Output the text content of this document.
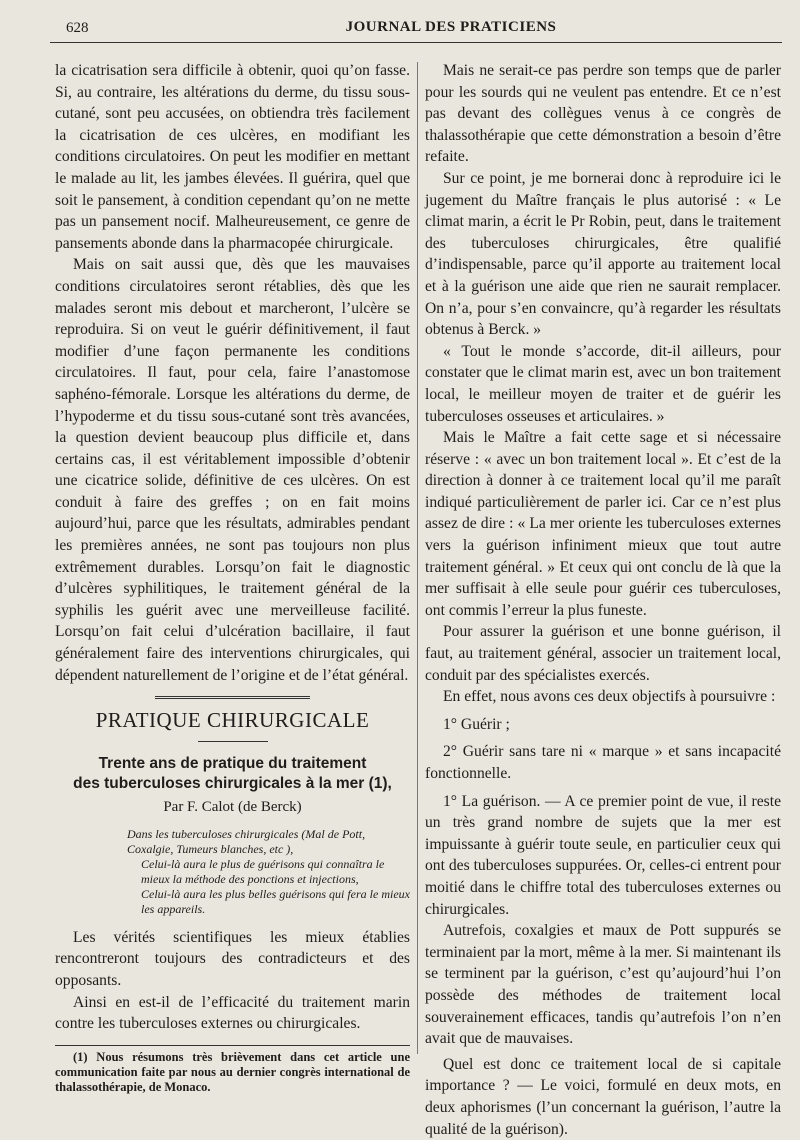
628	JOURNAL DES PRATICIENS

la cicatrisation sera difficile à obtenir, quoi qu’on fasse. Si, au contraire, les altérations du derme, du tissu sous-cutané, sont peu accusées, on obtiendra très facilement la cicatrisation de ces ulcères, en modifiant les conditions circulatoires. On peut les modifier en mettant le malade au lit, les jambes élevées. Il guérira, quel que soit le pansement, à condition cependant qu’on ne mette pas un pansement nocif. Malheureusement, ce genre de pansements abonde dans la pharmacopée chirurgicale.

Mais on sait aussi que, dès que les mauvaises conditions circulatoires seront rétablies, dès que les malades seront mis debout et marcheront, l’ulcère se reproduira. Si on veut le guérir définitivement, il faut modifier d’une façon permanente les conditions circulatoires. Il faut, pour cela, faire l’anastomose saphéno-fémorale. Lorsque les altérations du derme, de l’hypoderme et du tissu sous-cutané sont très avancées, la question devient beaucoup plus difficile et, dans certains cas, il est véritablement impossible d’obtenir une cicatrice solide, définitive de ces ulcères. On est conduit à faire des greffes ; on en fait moins aujourd’hui, parce que les résultats, admirables pendant les premières années, ne sont pas toujours non plus extrêmement durables. Lorsqu’on fait le diagnostic d’ulcères syphilitiques, le traitement général de la syphilis les guérit avec une merveilleuse facilité. Lorsqu’on fait celui d’ulcération bacillaire, il faut généralement faire des interventions chirurgicales, qui dépendent naturellement de l’origine et de l’état général.

PRATIQUE CHIRURGICALE
Trente ans de pratique du traitement
des tuberculoses chirurgicales à la mer (1),
Par F. Calot (de Berck)
Dans les tuberculoses chirurgicales (Mal de Pott, Coxalgie, Tumeurs blanches, etc ),
Celui-là aura le plus de guérisons qui connaîtra le mieux la méthode des ponctions et injections,
Celui-là aura les plus belles guérisons qui fera le mieux les appareils.

Les vérités scientifiques les mieux établies rencontreront toujours des contradicteurs et des opposants.

Ainsi en est-il de l’efficacité du traitement marin contre les tuberculoses externes ou chirurgicales.

(1) Nous résumons très brièvement dans cet article une communication faite par nous au dernier congrès international de thalassothérapie, de Monaco.

Mais ne serait-ce pas perdre son temps que de parler pour les sourds qui ne veulent pas entendre. Et ce n’est pas devant des collègues venus à ce congrès de thalassothérapie que cette démonstration a besoin d’être refaite.

Sur ce point, je me bornerai donc à reproduire ici le jugement du Maître français le plus autorisé : « Le climat marin, a écrit le Pr Robin, peut, dans le traitement des tuberculoses chirurgicales, être qualifié d’indispensable, parce qu’il apporte au traitement local et à la guérison une aide que rien ne saurait remplacer. On n’a, pour s’en convaincre, qu’à regarder les résultats obtenus à Berck. »

« Tout le monde s’accorde, dit-il ailleurs, pour constater que le climat marin est, avec un bon traitement local, le meilleur moyen de traiter et de guérir les tuberculoses osseuses et articulaires. »

Mais le Maître a fait cette sage et si nécessaire réserve : « avec un bon traitement local ». Et c’est de la direction à donner à ce traitement local qu’il me paraît indiqué particulièrement de parler ici. Car ce n’est plus assez de dire : « La mer oriente les tuberculoses externes vers la guérison infiniment mieux que tout autre traitement général. » Et ceux qui ont conclu de là que la mer suffisait à elle seule pour guérir ces tuberculoses, ont commis l’erreur la plus funeste.

Pour assurer la guérison et une bonne guérison, il faut, au traitement général, associer un traitement local, conduit par des spécialistes exercés.

En effet, nous avons ces deux objectifs à poursuivre :

1° Guérir ;

2° Guérir sans tare ni « marque » et sans incapacité fonctionnelle.

1° La guérison. — A ce premier point de vue, il reste un très grand nombre de sujets que la mer est impuissante à guérir toute seule, en particulier ceux qui ont des tuberculoses suppurées. Or, celles-ci entrent pour moitié dans le chiffre total des tuberculoses externes ou chirurgicales.

Autrefois, coxalgies et maux de Pott suppurés se terminaient par la mort, même à la mer. Si maintenant ils se terminent par la guérison, c’est qu’aujourd’hui l’on possède des méthodes de traitement local souverainement efficaces, tandis qu’autrefois l’on n’en avait que de mauvaises.

Quel est donc ce traitement local de si capitale importance ? — Le voici, formulé en deux mots, en deux aphorismes (l’un concernant la guérison, l’autre la qualité de la guérison).
